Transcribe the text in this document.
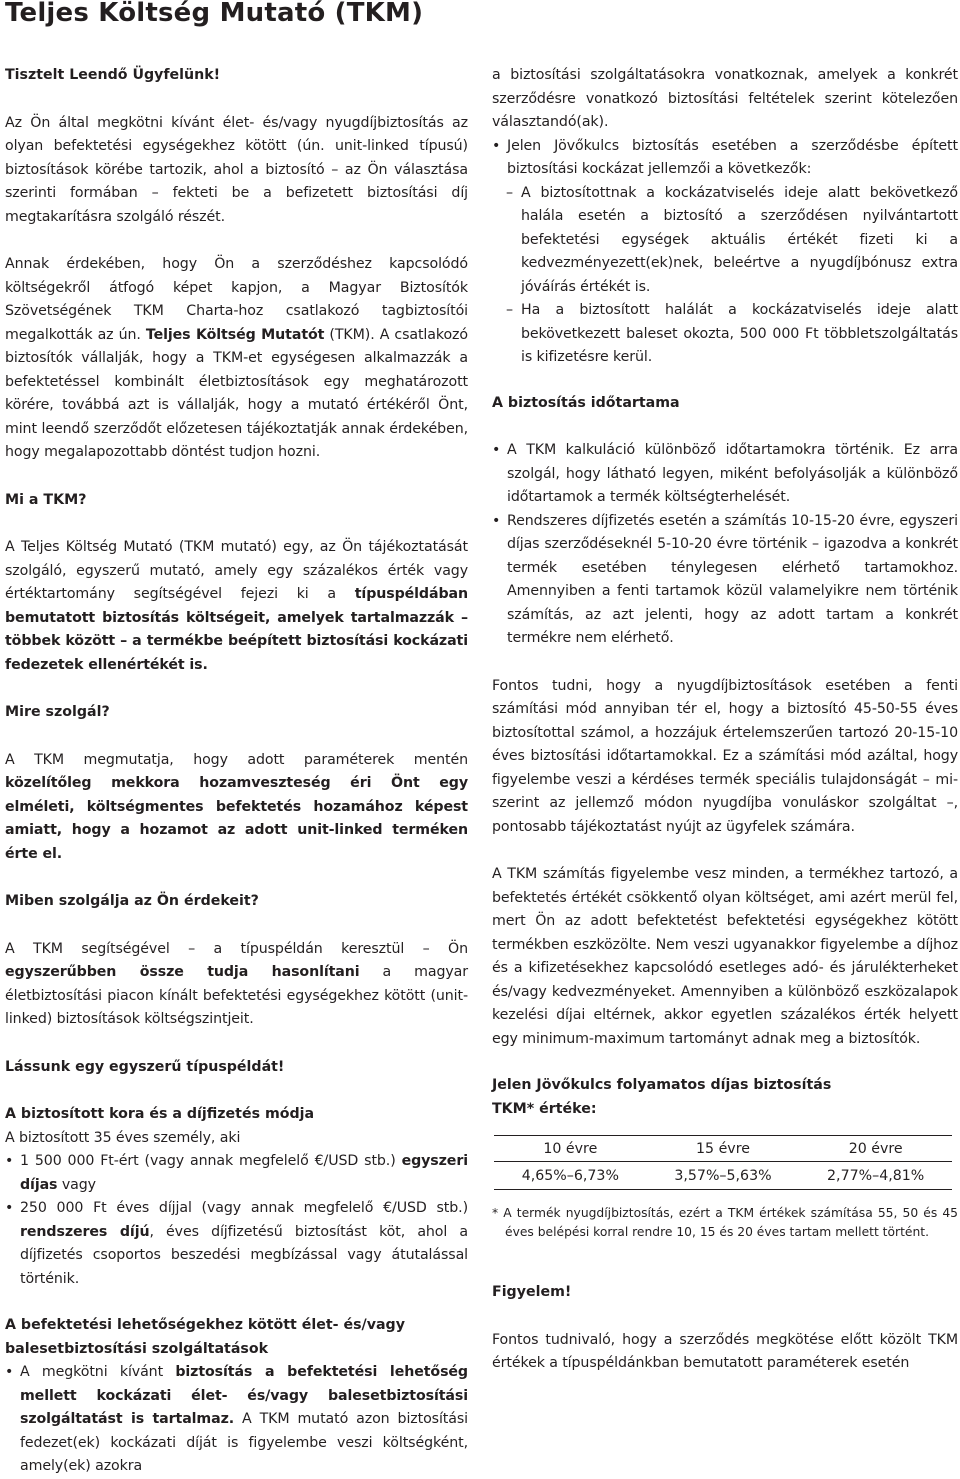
Teljes Költség Mutató (TKM)

Tisztelt Leendő Ügyfelünk!

Az Ön által megkötni kívánt élet- és/vagy nyugdíjbiztosítás az olyan befektetési egységekhez kötött (ún. unit-linked típusú) biztosítások körébe tartozik, ahol a biztosító – az Ön választása szerinti formában – fekteti be a befizetett biztosítási díj megtakarításra szolgáló részét.

Annak érdekében, hogy Ön a szerződéshez kapcsolódó költségekről átfogó képet kapjon, a Magyar Biztosítók Szövetségének TKM Charta-hoz csatlakozó tagbiztosítói megalkották az ún. Teljes Költség Mutatót (TKM). A csatlakozó biztosítók vállalják, hogy a TKM-et egységesen alkalmazzák a befektetéssel kombinált életbiztosítások egy meghatározott körére, továbbá azt is vállalják, hogy a mutató értékéről Önt, mint leendő szerződőt előzetesen tájékoztatják annak érdekében, hogy megalapozottabb döntést tudjon hozni.

Mi a TKM?

A Teljes Költség Mutató (TKM mutató) egy, az Ön tájékoztatását szolgáló, egyszerű mutató, amely egy százalékos érték vagy értéktartomány segítségével fejezi ki a típuspéldában bemutatott biztosítás költségeit, amelyek tartalmazzák – többek között – a termékbe beépített biztosítási kockázati fedezetek ellenértékét is.

Mire szolgál?

A TKM megmutatja, hogy adott paraméterek mentén közelítőleg mekkora hozamveszteség éri Önt egy elméleti, költségmentes befektetés hozamához képest amiatt, hogy a hozamot az adott unit-linked terméken érte el.

Miben szolgálja az Ön érdekeit?

A TKM segítségével – a típuspéldán keresztül – Ön egyszerűbben össze tudja hasonlítani a magyar életbiztosítási piacon kínált befektetési egységekhez kötött (unit-linked) biztosítások költségszintjeit.

Lássunk egy egyszerű típuspéldát!

A biztosított kora és a díjfizetés módja

A biztosított 35 éves személy, aki

• 1 500 000 Ft-ért (vagy annak megfelelő €/USD stb.) egyszeri díjas vagy
• 250 000 Ft éves díjjal (vagy annak megfelelő €/USD stb.) rendszeres díjú, éves díjfizetésű biztosítást köt, ahol a díjfizetés csoportos beszedési megbízással vagy átutalással történik.

A befektetési lehetőségekhez kötött élet- és/vagy balesetbiztosítási szolgáltatások

• A megkötni kívánt biztosítás a befektetési lehetőség mellett kockázati élet- és/vagy balesetbiztosítási szolgáltatást is tartalmaz. A TKM mutató azon biztosítási fedezet(ek) kockázati díját is figyelembe veszi költségként, amely(ek) azokra

a biztosítási szolgáltatásokra vonatkoznak, amelyek a konkrét szerződésre vonatkozó biztosítási feltételek szerint kötelezően választandó(ak).

• Jelen Jövőkulcs biztosítás esetében a szerződésbe épített biztosítási kockázat jellemzői a következők:
– A biztosítottnak a kockázatviselés ideje alatt bekövetkező halála esetén a biztosító a szerződésen nyilvántartott befektetési egységek aktuális értékét fizeti ki a kedvezményezett(ek)nek, beleértve a nyugdíjbónusz extra jóváírás értékét is.
– Ha a biztosított halálát a kockázatviselés ideje alatt bekövetkezett baleset okozta, 500 000 Ft többletszolgáltatás is kifizetésre kerül.

A biztosítás időtartama

• A TKM kalkuláció különböző időtartamokra történik. Ez arra szolgál, hogy látható legyen, miként befolyásolják a különböző időtartamok a termék költségterhelését.
• Rendszeres díjfizetés esetén a számítás 10-15-20 évre, egyszeri díjas szerződéseknél 5-10-20 évre történik – igazodva a konkrét termék esetében ténylegesen elérhető tartamokhoz. Amennyiben a fenti tartamok közül valamelyikre nem történik számítás, az azt jelenti, hogy az adott tartam a konkrét termékre nem elérhető.

Fontos tudni, hogy a nyugdíjbiztosítások esetében a fenti számítási mód annyiban tér el, hogy a biztosító 45-50-55 éves biztosítottal számol, a hozzájuk értelemszerűen tartozó 20-15-10 éves biztosítási időtartamokkal. Ez a számítási mód azáltal, hogy figyelembe veszi a kérdéses termék speciális tulajdonságát – mi-szerint az jellemző módon nyugdíjba vonuláskor szolgáltat –, pontosabb tájékoztatást nyújt az ügyfelek számára.

A TKM számítás figyelembe vesz minden, a termékhez tartozó, a befektetés értékét csökkentő olyan költséget, ami azért merül fel, mert Ön az adott befektetést befektetési egységekhez kötött termékben eszközölte. Nem veszi ugyanakkor figyelembe a díjhoz és a kifizetésekhez kapcsolódó esetleges adó- és járulékterheket és/vagy kedvezményeket. Amennyiben a különböző eszközalapok kezelési díjai eltérnek, akkor egyetlen százalékos érték helyett egy minimum-maximum tartományt adnak meg a biztosítók.

Jelen Jövőkulcs folyamatos díjas biztosítás
TKM* értéke:

10 évre	15 évre	20 évre
4,65%–6,73%	3,57%–5,63%	2,77%–4,81%

* A termék nyugdíjbiztosítás, ezért a TKM értékek számítása 55, 50 és 45 éves belépési korral rendre 10, 15 és 20 éves tartam mellett történt.

Figyelem!

Fontos tudnivaló, hogy a szerződés megkötése előtt közölt TKM értékek a típuspéldánkban bemutatott paraméterek esetén
